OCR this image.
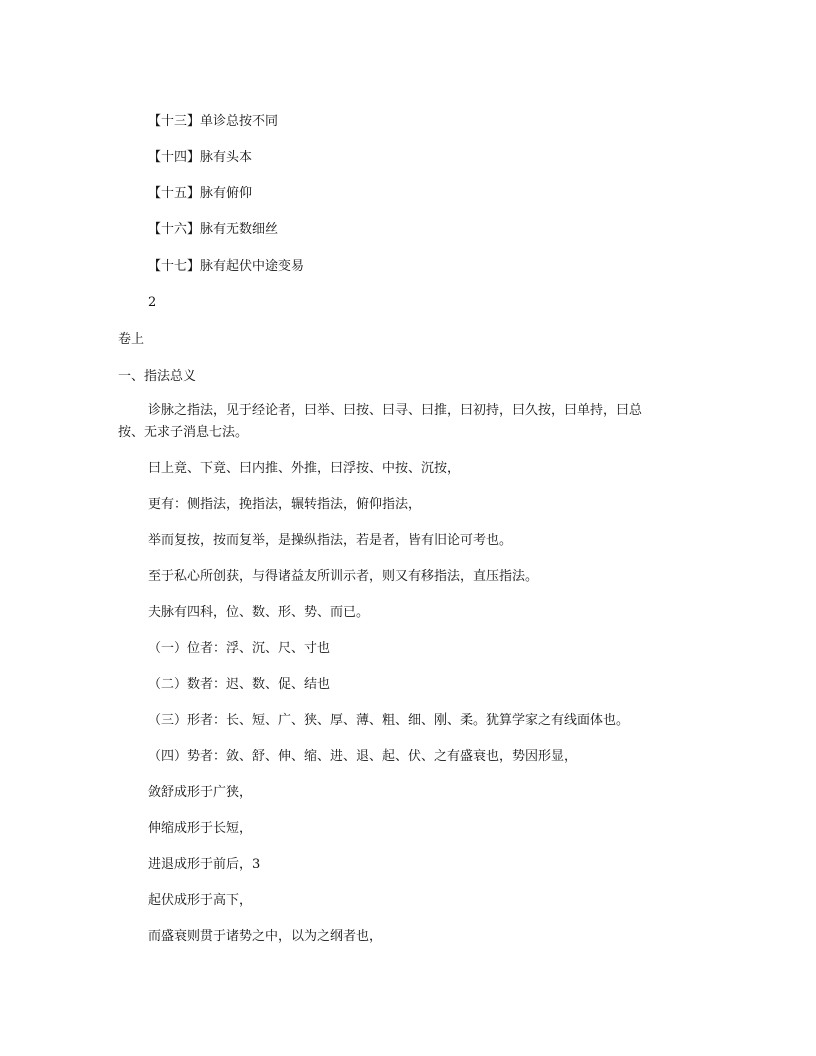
【十三】单诊总按不同
【十四】脉有头本
【十五】脉有俯仰
【十六】脉有无数细丝
【十七】脉有起伏中途变易
2
卷上
一、指法总义
诊脉之指法，见于经论者，曰举、曰按、曰寻、曰推，曰初持，曰久按，曰单持，曰总按、无求子消息七法。
曰上竟、下竟、曰内推、外推，曰浮按、中按、沉按，
更有：侧指法，挽指法，辗转指法，俯仰指法，
举而复按，按而复举，是操纵指法，若是者，皆有旧论可考也。
至于私心所创获，与得诸益友所训示者，则又有移指法，直压指法。
夫脉有四科，位、数、形、势、而已。
（一）位者：浮、沉、尺、寸也
（二）数者：迟、数、促、结也
（三）形者：长、短、广、狭、厚、薄、粗、细、刚、柔。犹算学家之有线面体也。
（四）势者：敛、舒、伸、缩、进、退、起、伏、之有盛衰也，势因形显，
敛舒成形于广狭，
伸缩成形于长短，
进退成形于前后，3
起伏成形于高下，
而盛衰则贯于诸势之中，以为之纲者也，
